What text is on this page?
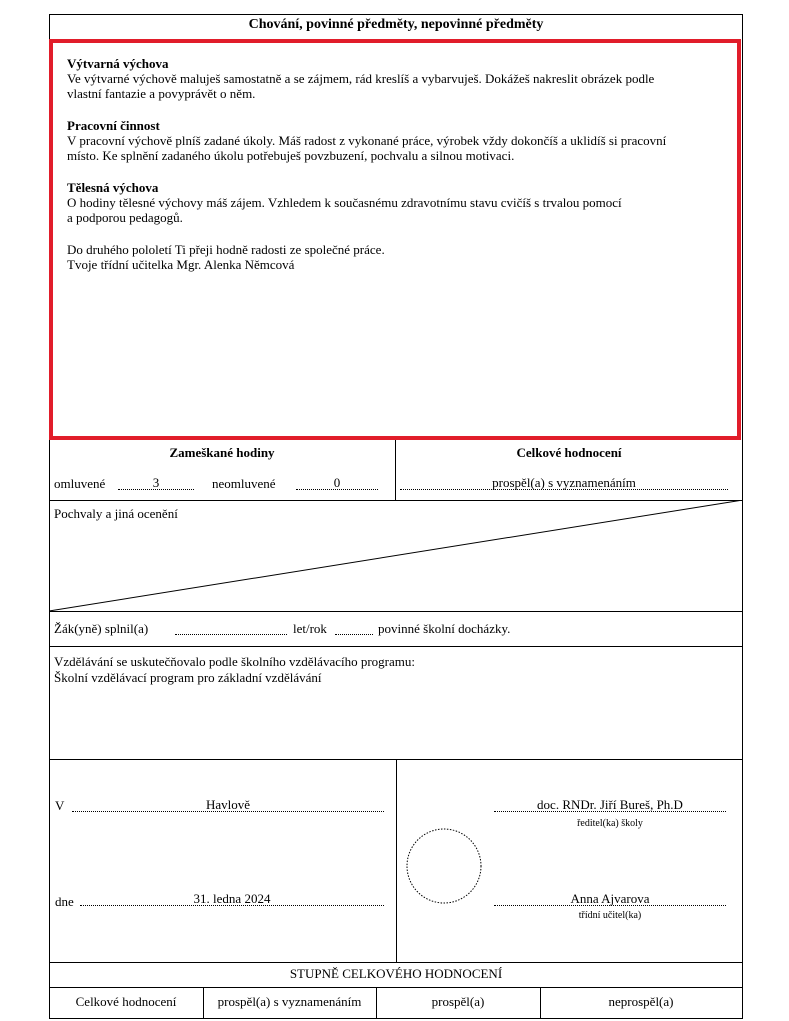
Chování, povinné předměty, nepovinné předměty
Výtvarná výchova

Ve výtvarné výchově maluješ samostatně a se zájmem, rád kreslíš a vybarvuješ. Dokážeš nakreslit obrázek podle

vlastní fantazie a povyprávět o něm.

Pracovní činnost

V pracovní výchově plníš zadané úkoly. Máš radost z vykonané práce, výrobek vždy dokončíš a uklidíš si pracovní

místo. Ke splnění zadaného úkolu potřebuješ povzbuzení, pochvalu a silnou motivaci.

Tělesná výchova

O hodiny tělesné výchovy máš zájem. Vzhledem k současnému zdravotnímu stavu cvičíš s trvalou pomocí

a podporou pedagogů.

Do druhého pololetí Ti přeji hodně radosti ze společné práce.

Tvoje třídní učitelka Mgr. Alenka Němcová

Zameškané hodiny	Celkové hodnocení
omluvené	3	neomluvené	0	prospěl(a) s vyznamenáním
Pochvaly a jiná ocenění
Žák(yně) splnil(a)	let/rok	povinné školní docházky.
Vzdělávání se uskutečňovalo podle školního vzdělávacího programu:
Školní vzdělávací program pro základní vzdělávání
V	Havlově
dne	31. ledna 2024
doc. RNDr. Jiří Bureš, Ph.D
ředitel(ka) školy
Anna Ajvarova
třídní učitel(ka)
STUPNĚ CELKOVÉHO HODNOCENÍ
Celkové hodnocení	prospěl(a) s vyznamenáním	prospěl(a)	neprospěl(a)
